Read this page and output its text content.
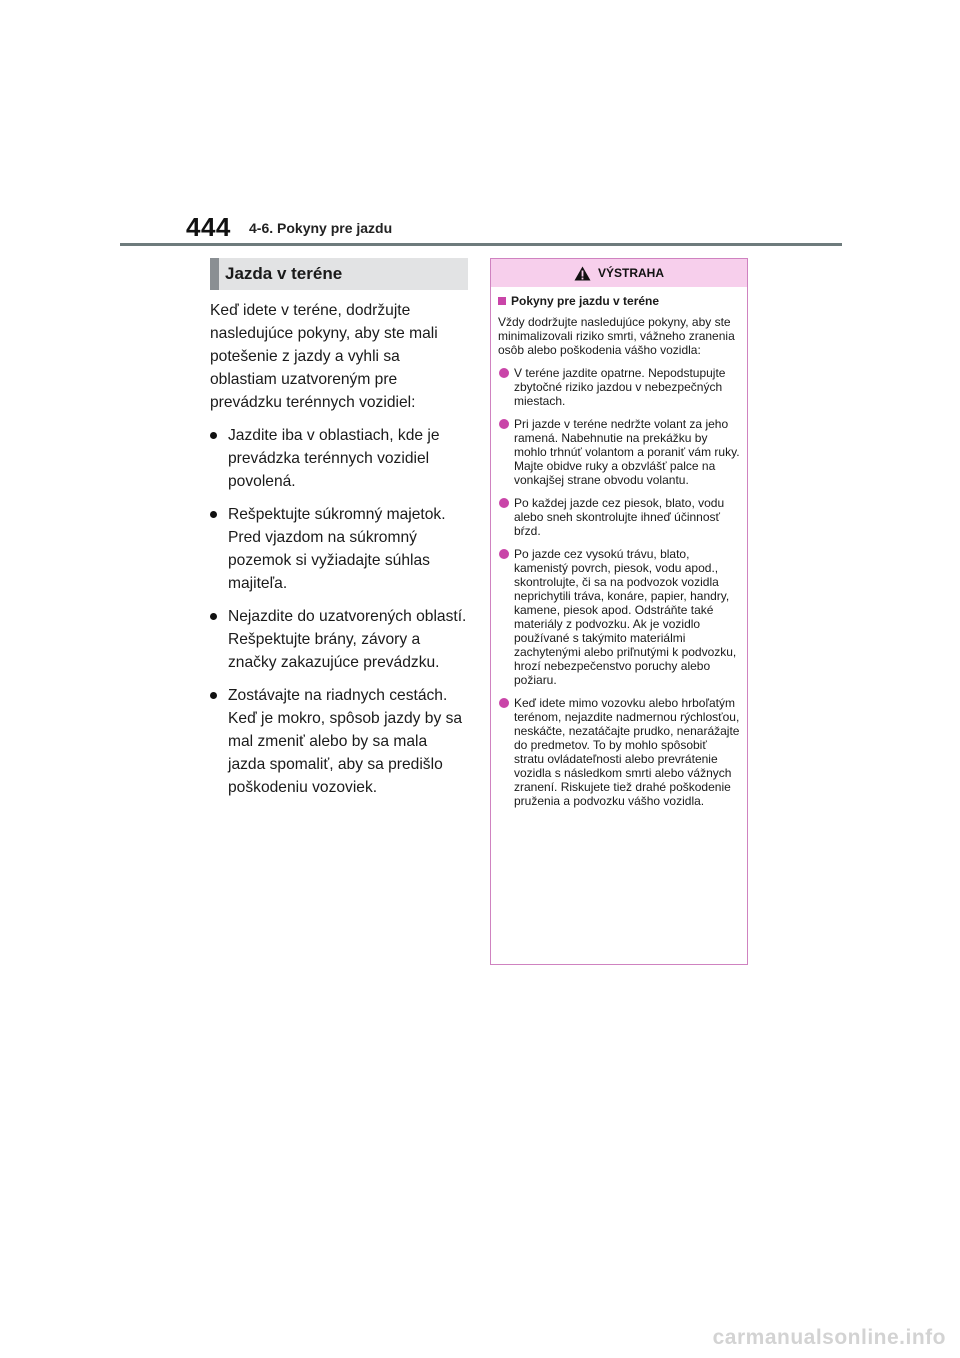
444 4-6. Pokyny pre jazdu
Jazda v teréne

Keď idete v teréne, dodržujte nasledujúce pokyny, aby ste mali potešenie z jazdy a vyhli sa oblastiam uzatvoreným pre prevádzku terénnych vozidiel:

Jazdite iba v oblastiach, kde je prevádzka terénnych vozidiel povolená.
Rešpektujte súkromný majetok. Pred vjazdom na súkromný pozemok si vyžiadajte súhlas majiteľa.
Nejazdite do uzatvorených oblastí. Rešpektujte brány, závory a značky zakazujúce prevádzku.
Zostávajte na riadnych cestách. Keď je mokro, spôsob jazdy by sa mal zmeniť alebo by sa mala jazda spomaliť, aby sa predišlo poškodeniu vozoviek.
VÝSTRAHA
Pokyny pre jazdu v teréne
Vždy dodržujte nasledujúce pokyny, aby ste minimalizovali riziko smrti, vážneho zranenia osôb alebo poškodenia vášho vozidla:
V teréne jazdite opatrne. Nepodstupujte zbytočné riziko jazdou v nebezpečných miestach.
Pri jazde v teréne nedržte volant za jeho ramená. Nabehnutie na prekážku by mohlo trhnúť volantom a poraniť vám ruky. Majte obidve ruky a obzvlášť palce na vonkajšej strane obvodu volantu.
Po každej jazde cez piesok, blato, vodu alebo sneh skontrolujte ihneď účinnosť bŕzd.
Po jazde cez vysokú trávu, blato, kamenistý povrch, piesok, vodu apod., skontrolujte, či sa na podvozok vozidla neprichytili tráva, konáre, papier, handry, kamene, piesok apod. Odstráňte také materiály z podvozku. Ak je vozidlo používané s takýmito materiálmi zachytenými alebo priľnutými k podvozku, hrozí nebezpečenstvo poruchy alebo požiaru.
Keď idete mimo vozovku alebo hrboľatým terénom, nejazdite nadmernou rýchlosťou, neskáčte, nezatáčajte prudko, nenarážajte do predmetov. To by mohlo spôsobiť stratu ovládateľnosti alebo prevrátenie vozidla s následkom smrti alebo vážnych zranení. Riskujete tiež drahé poškodenie pruženia a podvozku vášho vozidla.
carmanualsonline.info
